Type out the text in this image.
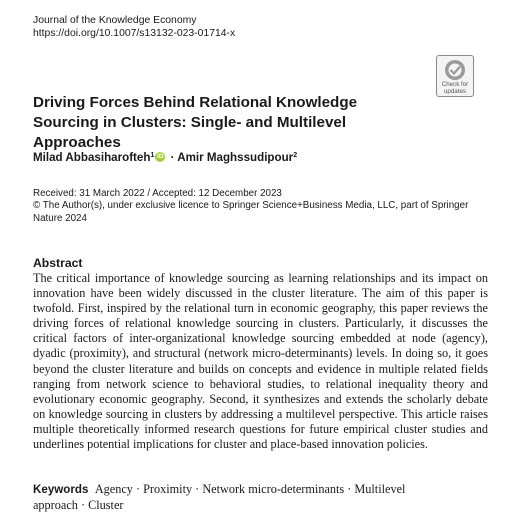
Journal of the Knowledge Economy
https://doi.org/10.1007/s13132-023-01714-x
Check for
updates
Driving Forces Behind Relational Knowledge Sourcing in Clusters: Single- and Multilevel Approaches
Milad Abbasiharofteh$^1$ iD · Amir Maghssudipour$^2$
Received: 31 March 2022 / Accepted: 12 December 2023
© The Author(s), under exclusive licence to Springer Science+Business Media, LLC, part of Springer Nature 2024
Abstract
The critical importance of knowledge sourcing as learning relationships and its impact on innovation have been widely discussed in the cluster literature. The aim of this paper is twofold. First, inspired by the relational turn in economic geography, this paper reviews the driving forces of relational knowledge sourcing in clusters. Particularly, it discusses the critical factors of inter-organizational knowledge sourcing embedded at node (agency), dyadic (proximity), and structural (network micro-determinants) levels. In doing so, it goes beyond the cluster literature and builds on concepts and evidence in multiple related fields ranging from network science to behavioral studies, to relational inequality theory and evolutionary economic geography. Second, it synthesizes and extends the scholarly debate on knowledge sourcing in clusters by addressing a multilevel perspective. This article raises multiple theoretically informed research questions for future empirical cluster studies and underlines potential implications for cluster and place-based innovation policies.
Keywords Agency · Proximity · Network micro-determinants · Multilevel approach · Cluster
